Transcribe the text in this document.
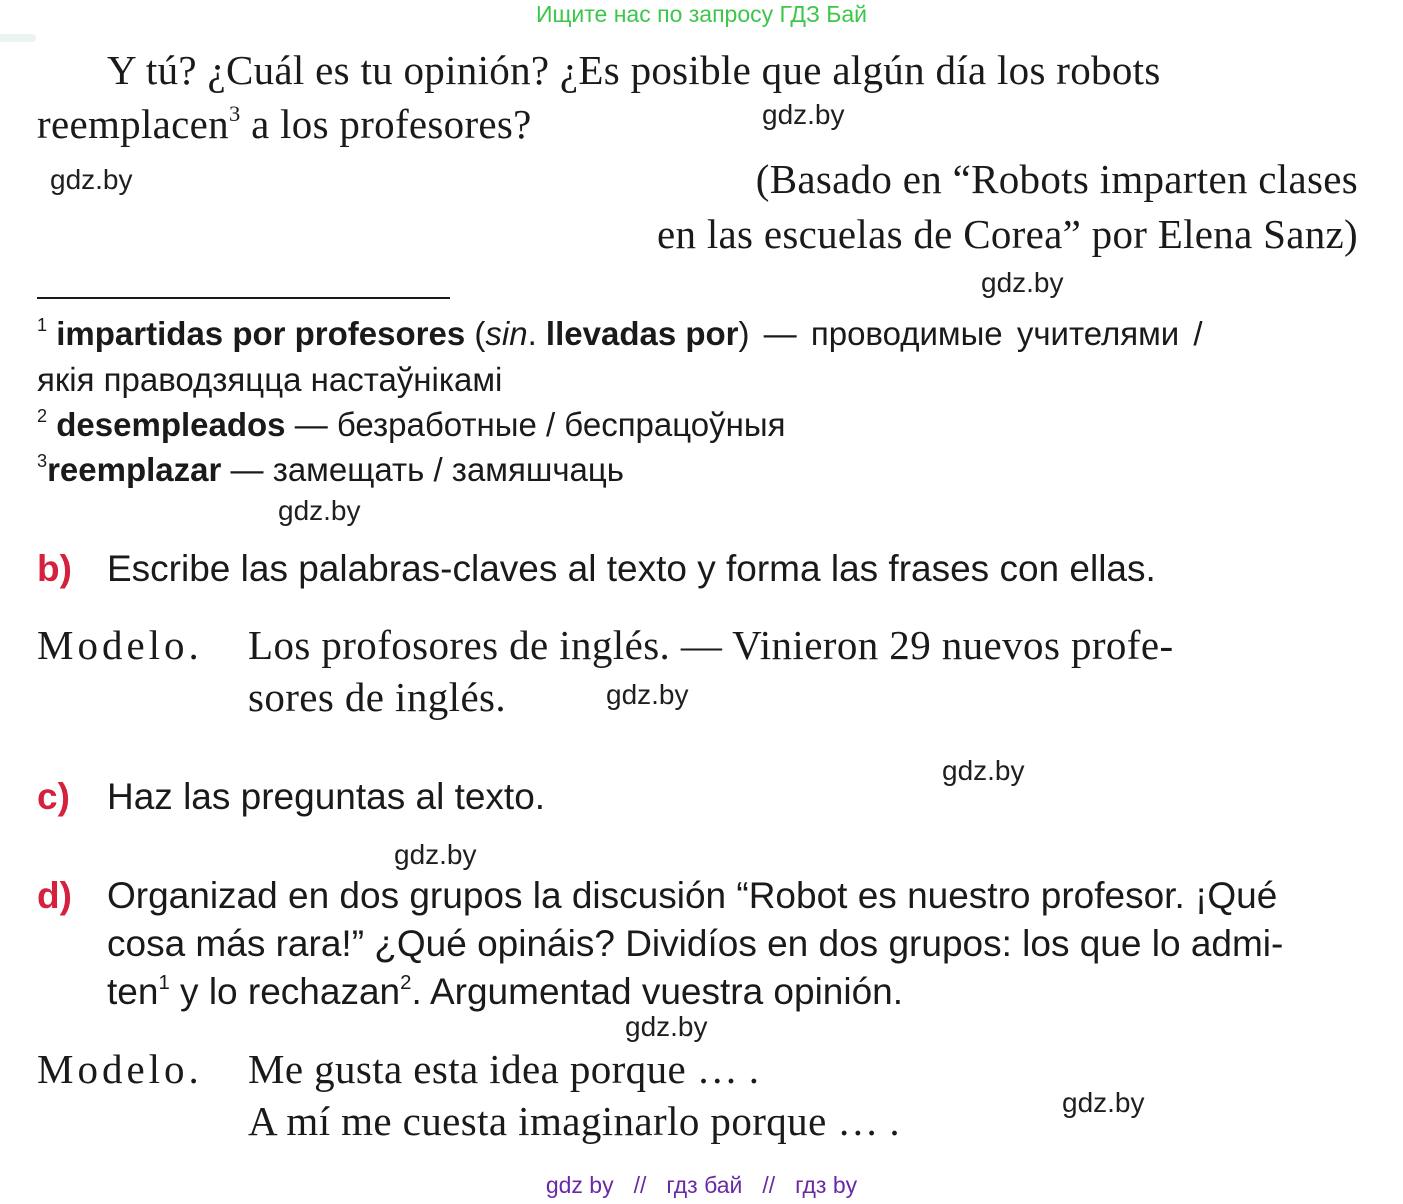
Ищите нас по запросу ГДЗ Бай
Y tú? ¿Cuál es tu opinión? ¿Es posible que algún día los robots
reemplacen$^3$ a los profesores?
(Basado en “Robots imparten clases
en las escuelas de Corea” por Elena Sanz)
gdz.by
gdz.by
gdz.by
gdz.by
gdz.by
gdz.by
gdz.by
gdz.by
gdz.by
$^1$ impartidas por profesores (sin. llevadas por) — проводимые учителями /
якія праводзяцца настаўнікамі
$^2$ desempleados — безработные / беспрацоўныя
$^3$reemplazar — замещать / замяшчаць
b) Escribe las palabras-claves al texto y forma las frases con ellas.
Modelo. Los profosores de inglés. — Vinieron 29 nuevos profe-
sores de inglés.
c) Haz las preguntas al texto.
d) Organizad en dos grupos la discusión “Robot es nuestro profesor. ¡Qué
cosa más rara!” ¿Qué opináis? Dividíos en dos grupos: los que lo admi-
ten$^1$ y lo rechazan$^2$. Argumentad vuestra opinión.
Modelo. Me gusta esta idea porque … .
A mí me cuesta imaginarlo porque … .
gdz by // гдз бай // гдз by
